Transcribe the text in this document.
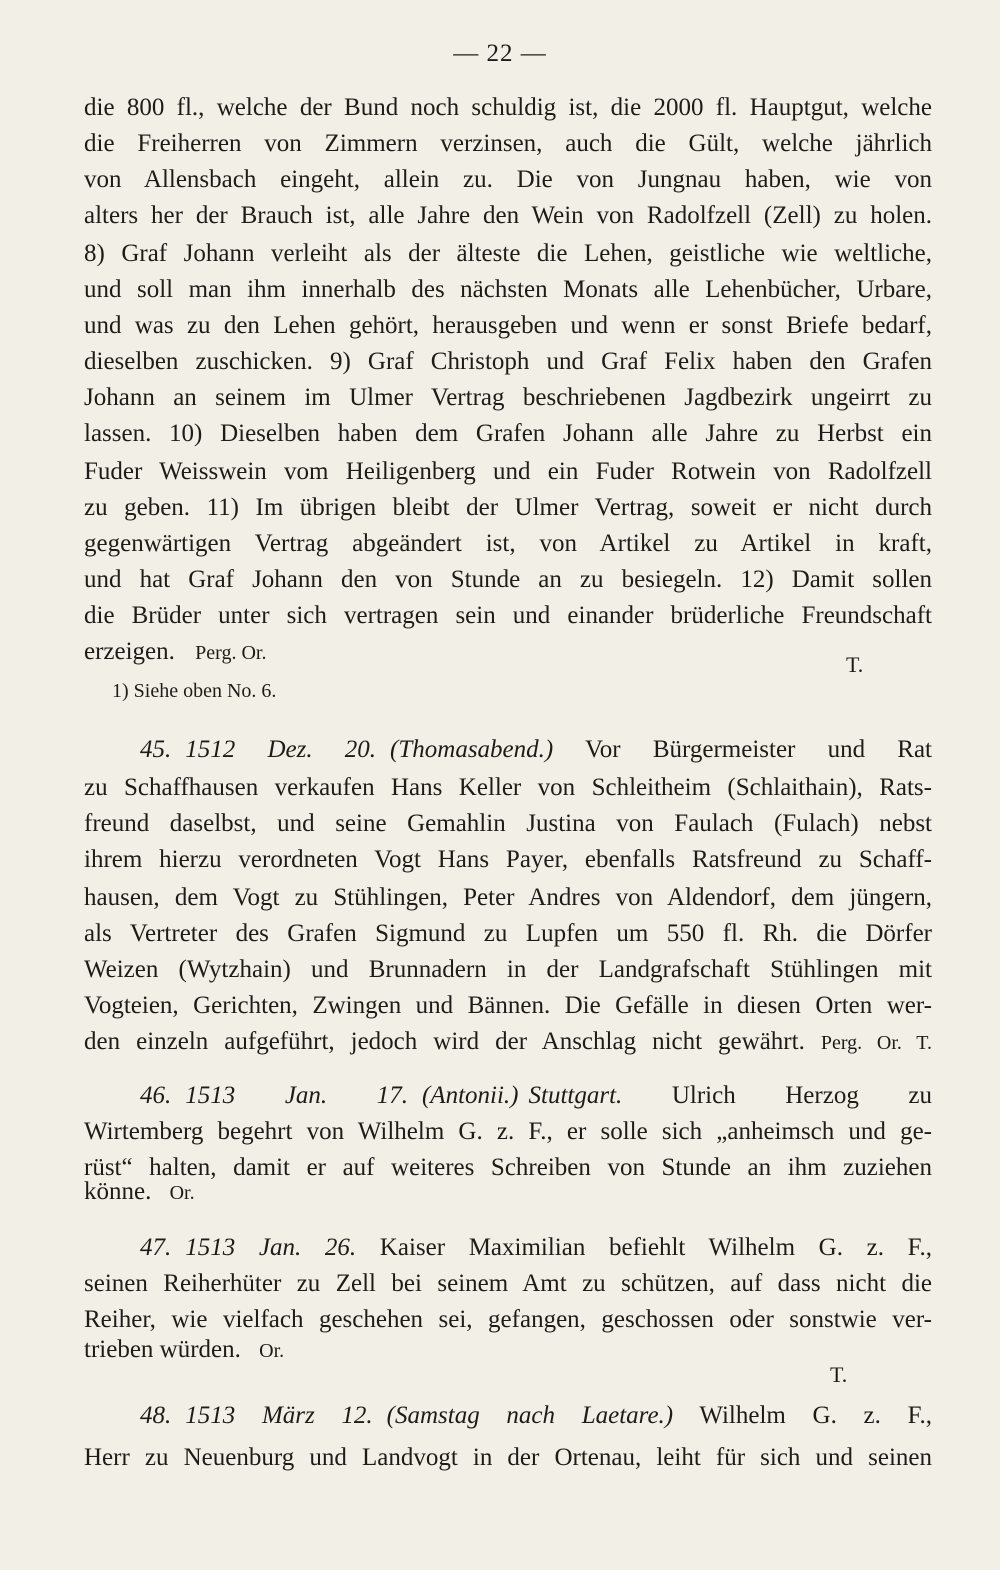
— 22 —
die 800 fl., welche der Bund noch schuldig ist, die 2000 fl. Hauptgut, welche
die Freiherren von Zimmern verzinsen, auch die Gült, welche jährlich
von Allensbach eingeht, allein zu. Die von Jungnau haben, wie von
alters her der Brauch ist, alle Jahre den Wein von Radolfzell (Zell) zu holen.
8) Graf Johann verleiht als der älteste die Lehen, geistliche wie weltliche,
und soll man ihm innerhalb des nächsten Monats alle Lehenbücher, Urbare,
und was zu den Lehen gehört, herausgeben und wenn er sonst Briefe bedarf,
dieselben zuschicken. 9) Graf Christoph und Graf Felix haben den Grafen
Johann an seinem im Ulmer Vertrag beschriebenen Jagdbezirk ungeirrt zu
lassen. 10) Dieselben haben dem Grafen Johann alle Jahre zu Herbst ein
Fuder Weisswein vom Heiligenberg und ein Fuder Rotwein von Radolfzell
zu geben. 11) Im übrigen bleibt der Ulmer Vertrag, soweit er nicht durch
gegenwärtigen Vertrag abgeändert ist, von Artikel zu Artikel in kraft,
und hat Graf Johann den von Stunde an zu besiegeln. 12) Damit sollen
die Brüder unter sich vertragen sein und einander brüderliche Freundschaft
erzeigen. Perg. Or.	T.
1) Siehe oben No. 6.
45. 1512 Dez. 20. (Thomasabend.) Vor Bürgermeister und Rat
zu Schaffhausen verkaufen Hans Keller von Schleitheim (Schlaithain), Rats-
freund daselbst, und seine Gemahlin Justina von Faulach (Fulach) nebst
ihrem hierzu verordneten Vogt Hans Payer, ebenfalls Ratsfreund zu Schaff-
hausen, dem Vogt zu Stühlingen, Peter Andres von Aldendorf, dem jüngern,
als Vertreter des Grafen Sigmund zu Lupfen um 550 fl. Rh. die Dörfer
Weizen (Wytzhain) und Brunnadern in der Landgrafschaft Stühlingen mit
Vogteien, Gerichten, Zwingen und Bännen. Die Gefälle in diesen Orten wer-
den einzeln aufgeführt, jedoch wird der Anschlag nicht gewährt. Perg. Or. T.
46. 1513 Jan. 17. (Antonii.) Stuttgart. Ulrich Herzog zu
Wirtemberg begehrt von Wilhelm G. z. F., er solle sich „anheimsch und ge-
rüst“ halten, damit er auf weiteres Schreiben von Stunde an ihm zuziehen
könne. Or.
47. 1513 Jan. 26. Kaiser Maximilian befiehlt Wilhelm G. z. F.,
seinen Reiherhüter zu Zell bei seinem Amt zu schützen, auf dass nicht die
Reiher, wie vielfach geschehen sei, gefangen, geschossen oder sonstwie ver-
trieben würden. Or.
T.
48. 1513 März 12. (Samstag nach Laetare.) Wilhelm G. z. F.,
Herr zu Neuenburg und Landvogt in der Ortenau, leiht für sich und seinen
